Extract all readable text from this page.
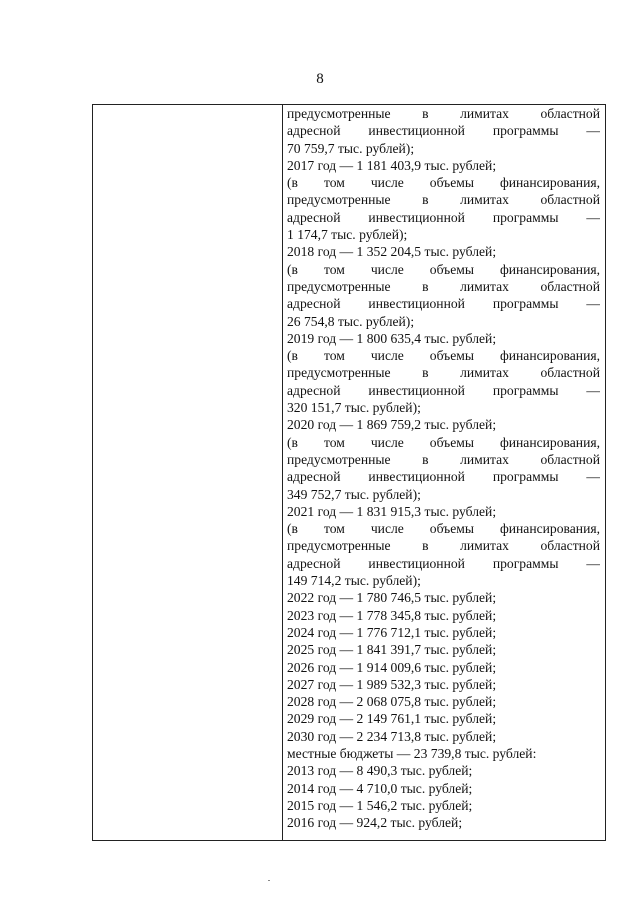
8
предусмотренные в лимитах областной
адресной инвестиционной программы —
70 759,7 тыс. рублей);
2017 год — 1 181 403,9 тыс. рублей;
(в том числе объемы финансирования,
предусмотренные в лимитах областной
адресной инвестиционной программы —
1 174,7 тыс. рублей);
2018 год — 1 352 204,5 тыс. рублей;
(в том числе объемы финансирования,
предусмотренные в лимитах областной
адресной инвестиционной программы —
26 754,8 тыс. рублей);
2019 год — 1 800 635,4 тыс. рублей;
(в том числе объемы финансирования,
предусмотренные в лимитах областной
адресной инвестиционной программы —
320 151,7 тыс. рублей);
2020 год — 1 869 759,2 тыс. рублей;
(в том числе объемы финансирования,
предусмотренные в лимитах областной
адресной инвестиционной программы —
349 752,7 тыс. рублей);
2021 год — 1 831 915,3 тыс. рублей;
(в том числе объемы финансирования,
предусмотренные в лимитах областной
адресной инвестиционной программы —
149 714,2 тыс. рублей);
2022 год — 1 780 746,5 тыс. рублей;
2023 год — 1 778 345,8 тыс. рублей;
2024 год — 1 776 712,1 тыс. рублей;
2025 год — 1 841 391,7 тыс. рублей;
2026 год — 1 914 009,6 тыс. рублей;
2027 год — 1 989 532,3 тыс. рублей;
2028 год — 2 068 075,8 тыс. рублей;
2029 год — 2 149 761,1 тыс. рублей;
2030 год — 2 234 713,8 тыс. рублей;
местные бюджеты — 23 739,8 тыс. рублей:
2013 год — 8 490,3 тыс. рублей;
2014 год — 4 710,0 тыс. рублей;
2015 год — 1 546,2 тыс. рублей;
2016 год — 924,2 тыс. рублей;
